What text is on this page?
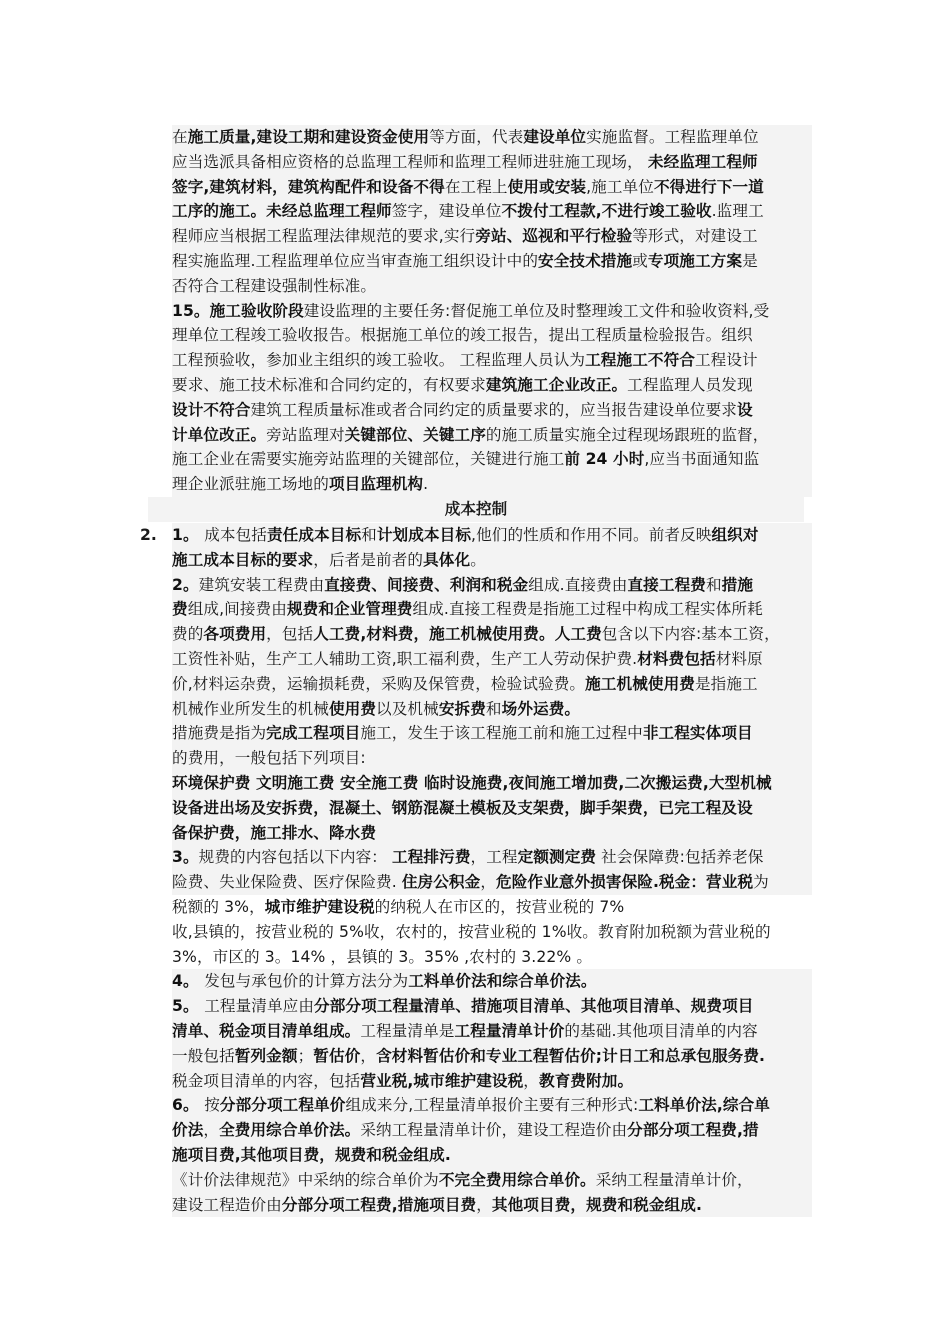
在施工质量,建设工期和建设资金使用等方面，代表建设单位实施监督。工程监理单位
应当选派具备相应资格的总监理工程师和监理工程师进驻施工现场， 未经监理工程师
签字,建筑材料，建筑构配件和设备不得在工程上使用或安装,施工单位不得进行下一道
工序的施工。未经总监理工程师签字，建设单位不拨付工程款,不进行竣工验收.监理工
程师应当根据工程监理法律规范的要求,实行旁站、巡视和平行检验等形式，对建设工
程实施监理.工程监理单位应当审查施工组织设计中的安全技术措施或专项施工方案是
否符合工程建设强制性标准。
15。施工验收阶段建设监理的主要任务:督促施工单位及时整理竣工文件和验收资料,受
理单位工程竣工验收报告。根据施工单位的竣工报告，提出工程质量检验报告。组织
工程预验收，参加业主组织的竣工验收。 工程监理人员认为工程施工不符合工程设计
要求、施工技术标准和合同约定的，有权要求建筑施工企业改正。工程监理人员发现
设计不符合建筑工程质量标准或者合同约定的质量要求的，应当报告建设单位要求设
计单位改正。旁站监理对关键部位、关键工序的施工质量实施全过程现场跟班的监督，
施工企业在需要实施旁站监理的关键部位，关键进行施工前 24 小时,应当书面通知监
理企业派驻施工场地的项目监理机构.
成本控制
2. 1。 成本包括责任成本目标和计划成本目标,他们的性质和作用不同。前者反映组织对
施工成本目标的要求，后者是前者的具体化。
2。建筑安装工程费由直接费、间接费、利润和税金组成.直接费由直接工程费和措施
费组成,间接费由规费和企业管理费组成.直接工程费是指施工过程中构成工程实体所耗
费的各项费用，包括人工费,材料费，施工机械使用费。人工费包含以下内容:基本工资，
工资性补贴，生产工人辅助工资,职工福利费，生产工人劳动保护费.材料费包括材料原
价,材料运杂费，运输损耗费，采购及保管费，检验试验费。施工机械使用费是指施工
机械作业所发生的机械使用费以及机械安拆费和场外运费。
措施费是指为完成工程项目施工，发生于该工程施工前和施工过程中非工程实体项目
的费用，一般包括下列项目:
环境保护费 文明施工费 安全施工费 临时设施费,夜间施工增加费,二次搬运费,大型机械
设备进出场及安拆费，混凝土、钢筋混凝土模板及支架费，脚手架费，已完工程及设
备保护费，施工排水、降水费
3。规费的内容包括以下内容： 工程排污费，工程定额测定费 社会保障费:包括养老保
险费、失业保险费、医疗保险费. 住房公积金，危险作业意外损害保险.税金：营业税为
税额的 3%，城市维护建设税的纳税人在市区的，按营业税的 7%
收,县镇的，按营业税的 5%收，农村的，按营业税的 1%收。教育附加税额为营业税的
3%，市区的 3。14% ，县镇的 3。35% ,农村的 3.22% 。
4。 发包与承包价的计算方法分为工料单价法和综合单价法。
5。 工程量清单应由分部分项工程量清单、措施项目清单、其他项目清单、规费项目
清单、税金项目清单组成。工程量清单是工程量清单计价的基础.其他项目清单的内容
一般包括暂列金额；暂估价，含材料暂估价和专业工程暂估价;计日工和总承包服务费.
税金项目清单的内容，包括营业税,城市维护建设税，教育费附加。
6。 按分部分项工程单价组成来分,工程量清单报价主要有三种形式:工料单价法,综合单
价法，全费用综合单价法。采纳工程量清单计价，建设工程造价由分部分项工程费,措
施项目费,其他项目费，规费和税金组成.
《计价法律规范》中采纳的综合单价为不完全费用综合单价。采纳工程量清单计价，
建设工程造价由分部分项工程费,措施项目费，其他项目费，规费和税金组成.
